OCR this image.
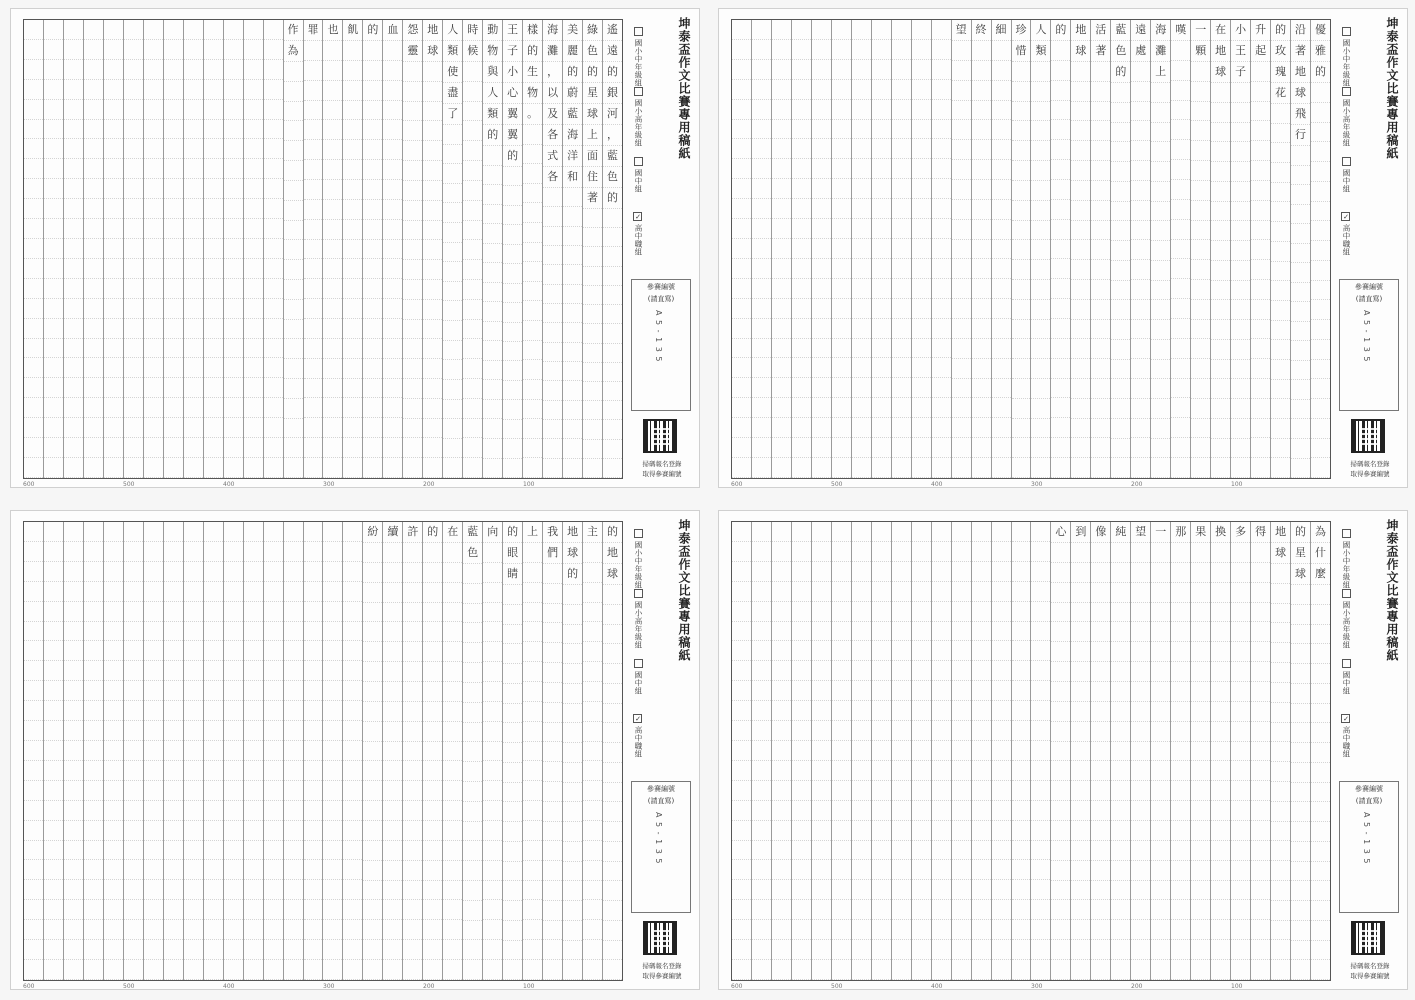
遙
遠
的
銀
河
，
藍
色
的
綠
色
的
星
球
上
面
住
著
美
麗
的
蔚
藍
海
洋
和
海
灘
，
以
及
各
式
各
樣
的
生
物
。
王
子
小
心
翼
翼
的
動
物
與
人
類
的
時
候
人
類
使
盡
了
地
球
怨
靈
血
的
飢
也
罪
作
為
600	500	400	300	200	100
坤泰盃作文比賽專用稿紙
國小中年級組
國小高年級組
國中組
✓高中職組
參賽編號
(請直寫)
A 5 - 1 3 5
掃碼報名登錄
取得參賽編號
優
雅
的
沿
著
地
球
飛
行
的
玫
瑰
花
升
起
小
王
子
在
地
球
一
顆
嘆
海
灘
上
遠
處
藍
色
的
活
著
地
球
的
人
類
珍
惜
細
終
望
600	500	400	300	200	100
坤泰盃作文比賽專用稿紙
國小中年級組
國小高年級組
國中組
✓高中職組
參賽編號
(請直寫)
A 5 - 1 3 5
掃碼報名登錄
取得參賽編號
的
地
球
主
地
球
的
我
們
上
的
眼
睛
向
藍
色
在
的
許
續
紛
600	500	400	300	200	100
坤泰盃作文比賽專用稿紙
國小中年級組
國小高年級組
國中組
✓高中職組
參賽編號
(請直寫)
A 5 - 1 3 5
掃碼報名登錄
取得參賽編號
為
什
麼
的
星
球
地
球
得
多
換
果
那
一
望
純
像
到
心
600	500	400	300	200	100
坤泰盃作文比賽專用稿紙
國小中年級組
國小高年級組
國中組
✓高中職組
參賽編號
(請直寫)
A 5 - 1 3 5
掃碼報名登錄
取得參賽編號
